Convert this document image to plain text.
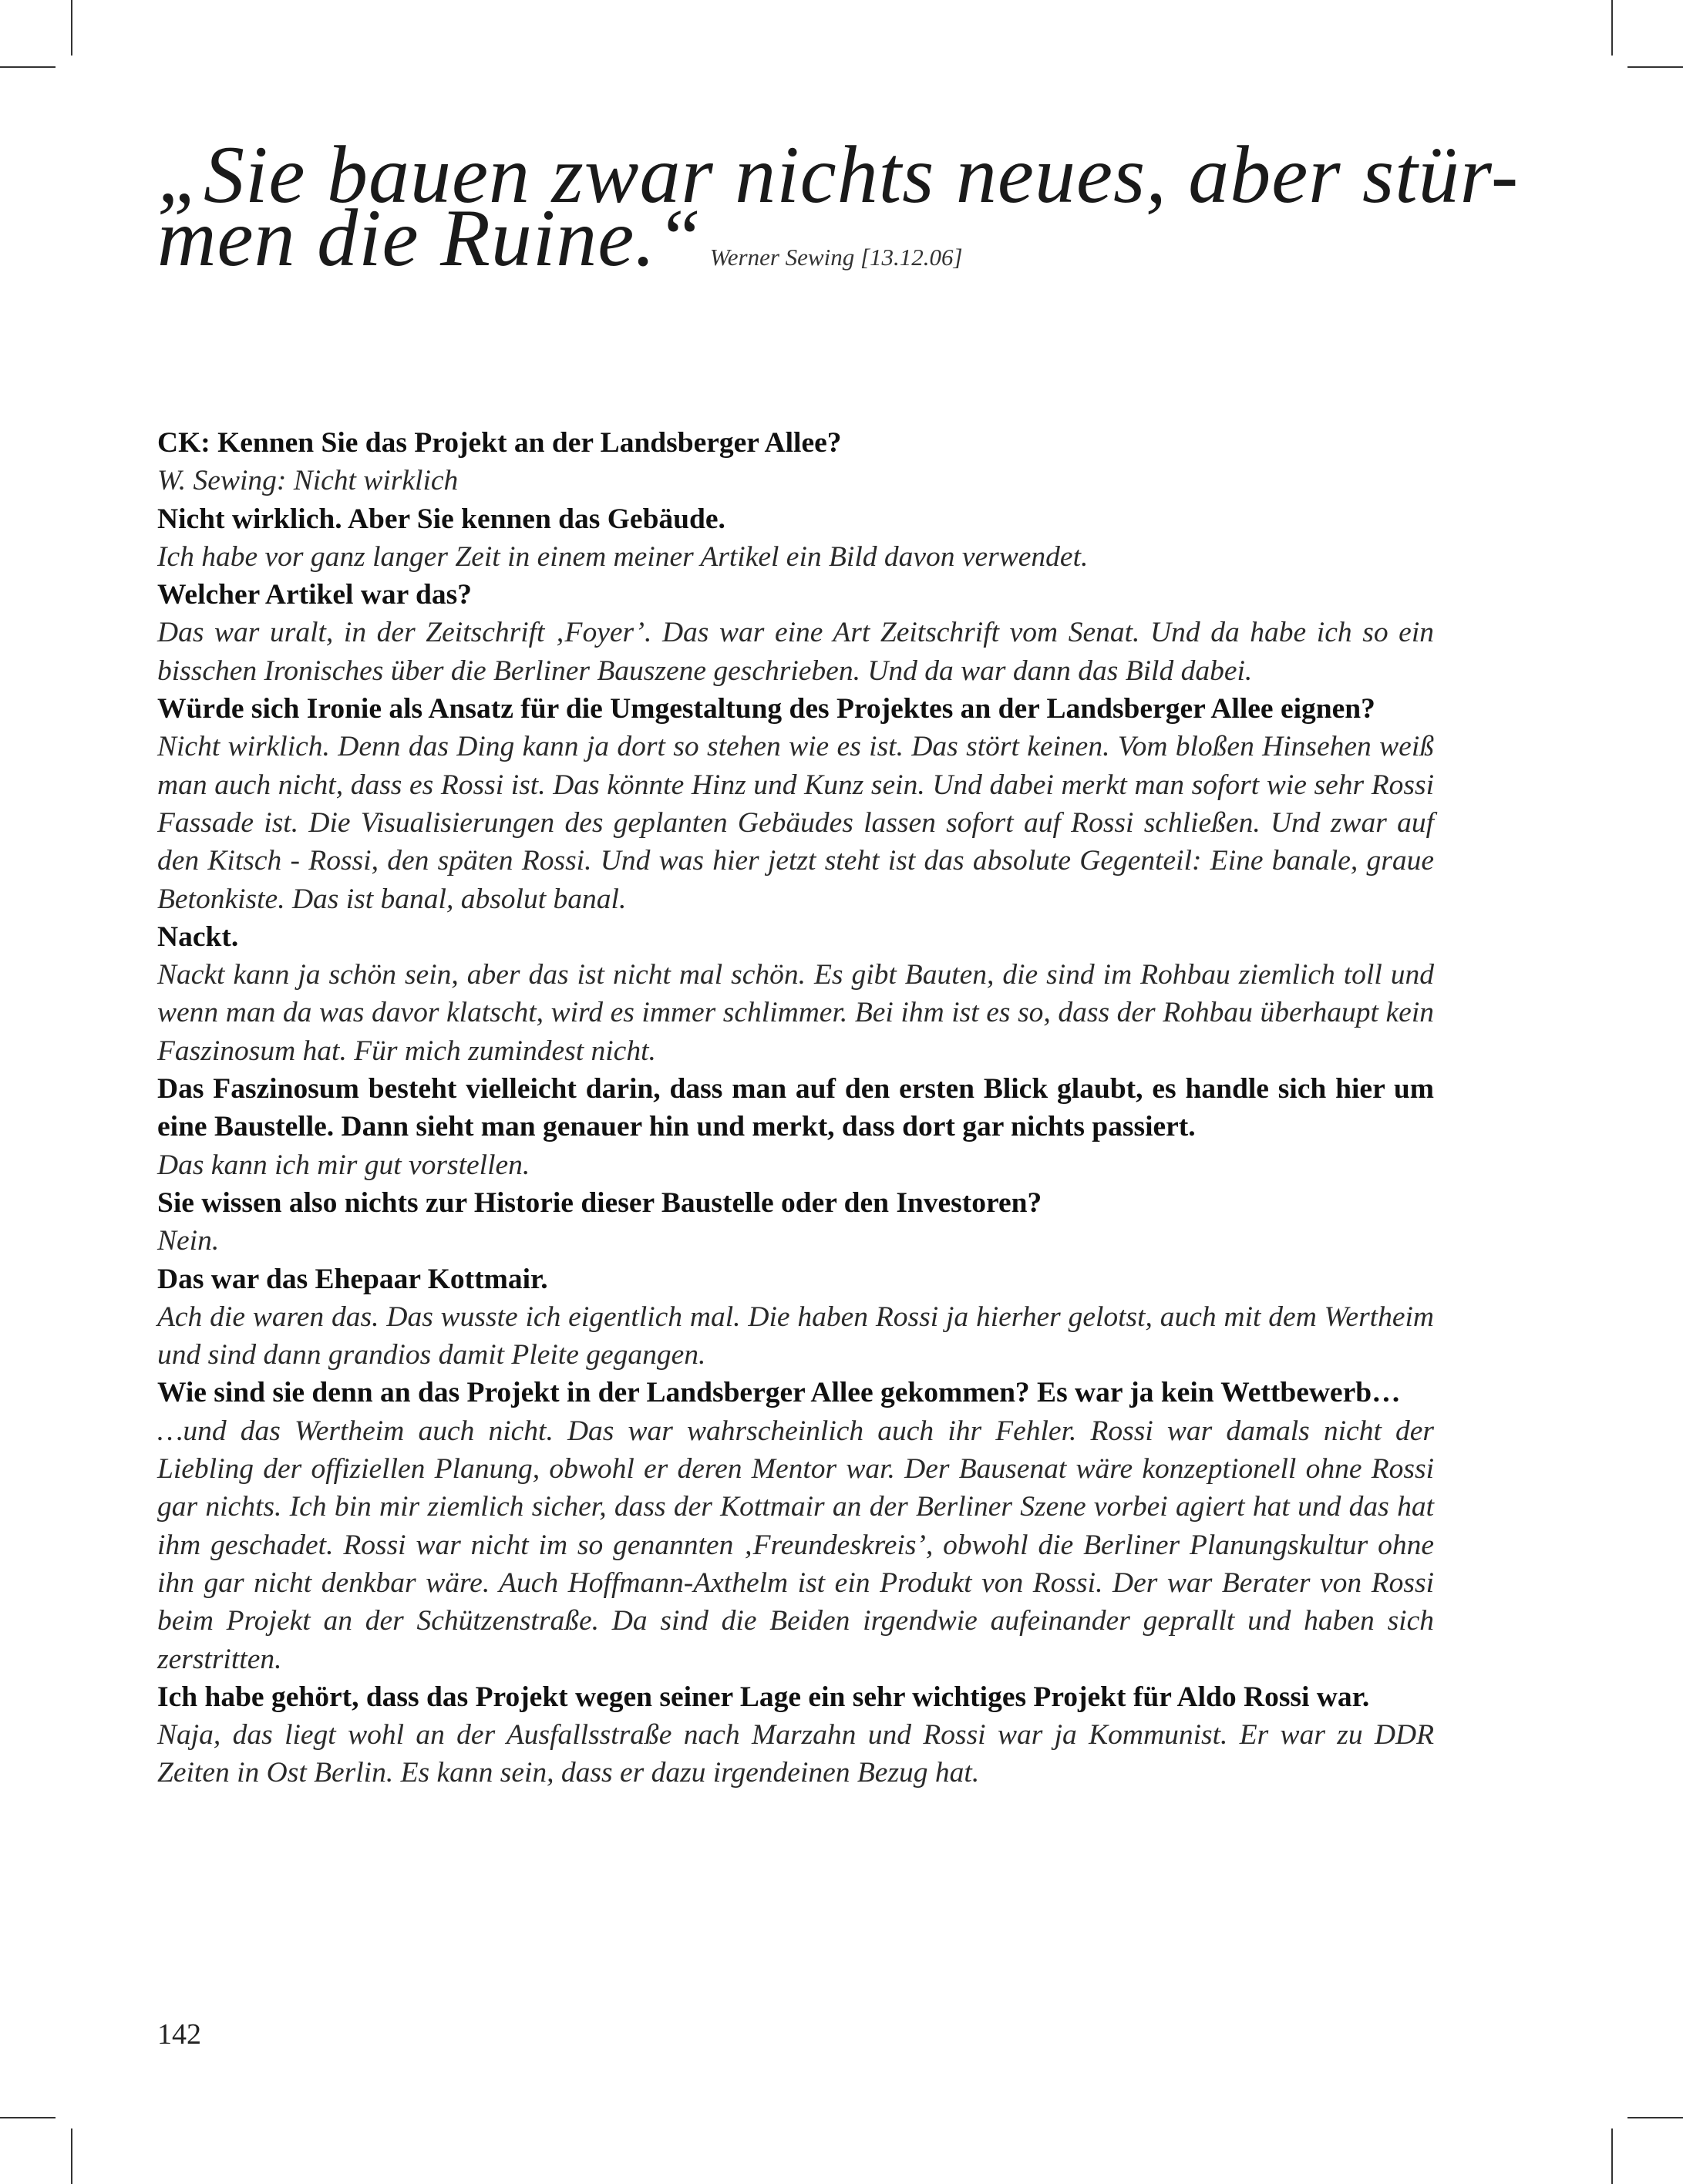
„Sie bauen zwar nichts neues, aber stür-
men die Ruine.“ Werner Sewing [13.12.06]

CK: Kennen Sie das Projekt an der Landsberger Allee?

W. Sewing: Nicht wirklich

Nicht wirklich. Aber Sie kennen das Gebäude.

Ich habe vor ganz langer Zeit in einem meiner Artikel ein Bild davon verwendet.

Welcher Artikel war das?

Das war uralt, in der Zeitschrift ‚Foyer’. Das war eine Art Zeitschrift vom Senat. Und da habe ich so ein bisschen Ironisches über die Berliner Bauszene geschrieben. Und da war dann das Bild dabei.

Würde sich Ironie als Ansatz für die Umgestaltung des Projektes an der Landsberger Allee eignen?

Nicht wirklich. Denn das Ding kann ja dort so stehen wie es ist. Das stört keinen. Vom bloßen Hinsehen weiß man auch nicht, dass es Rossi ist. Das könnte Hinz und Kunz sein. Und dabei merkt man sofort wie sehr Rossi Fassade ist. Die Visualisierungen des geplanten Gebäudes lassen sofort auf Rossi schließen. Und zwar auf den Kitsch - Rossi, den späten Rossi. Und was hier jetzt steht ist das absolute Gegenteil: Eine banale, graue Betonkiste. Das ist banal, absolut banal.

Nackt.

Nackt kann ja schön sein, aber das ist nicht mal schön. Es gibt Bauten, die sind im Rohbau ziemlich toll und wenn man da was davor klatscht, wird es immer schlimmer. Bei ihm ist es so, dass der Rohbau überhaupt kein Faszinosum hat. Für mich zumindest nicht.

Das Faszinosum besteht vielleicht darin, dass man auf den ersten Blick glaubt, es handle sich hier um eine Baustelle. Dann sieht man genauer hin und merkt, dass dort gar nichts passiert.

Das kann ich mir gut vorstellen.

Sie wissen also nichts zur Historie dieser Baustelle oder den Investoren?

Nein.

Das war das Ehepaar Kottmair.

Ach die waren das. Das wusste ich eigentlich mal. Die haben Rossi ja hierher gelotst, auch mit dem Wertheim und sind dann grandios damit Pleite gegangen.

Wie sind sie denn an das Projekt in der Landsberger Allee gekommen? Es war ja kein Wettbewerb…

…und das Wertheim auch nicht. Das war wahrscheinlich auch ihr Fehler. Rossi war damals nicht der Liebling der offiziellen Planung, obwohl er deren Mentor war. Der Bausenat wäre konzeptionell ohne Rossi gar nichts. Ich bin mir ziemlich sicher, dass der Kottmair an der Berliner Szene vorbei agiert hat und das hat ihm geschadet. Rossi war nicht im so genannten ‚Freundeskreis’, obwohl die Berliner Planungskultur ohne ihn gar nicht denkbar wäre. Auch Hoffmann-Axthelm ist ein Produkt von Rossi. Der war Berater von Rossi beim Projekt an der Schützenstraße. Da sind die Beiden irgendwie aufeinander geprallt und haben sich zerstritten.

Ich habe gehört, dass das Projekt wegen seiner Lage ein sehr wichtiges Projekt für Aldo Rossi war.

Naja, das liegt wohl an der Ausfallsstraße nach Marzahn und Rossi war ja Kommunist. Er war zu DDR Zeiten in Ost Berlin. Es kann sein, dass er dazu irgendeinen Bezug hat.

142
